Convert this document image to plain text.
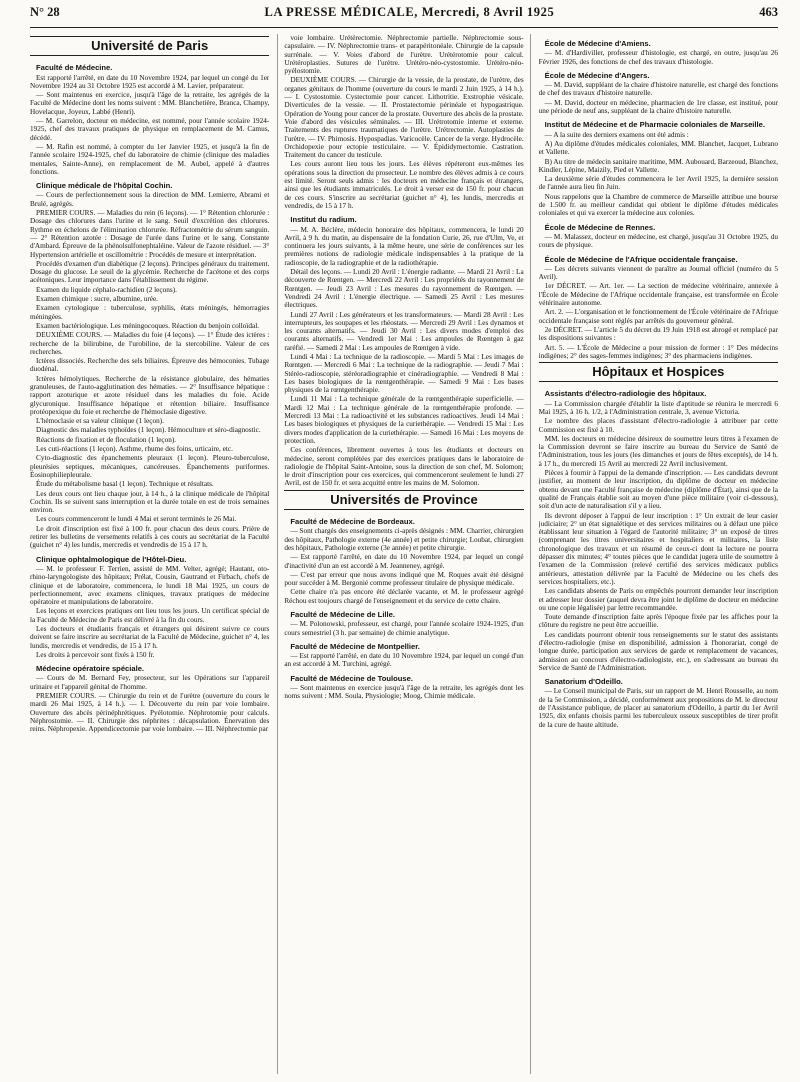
N° 28	LA PRESSE MÉDICALE, Mercredi, 8 Avril 1925	463
Université de Paris
Faculté de Médecine.

Est rapporté l'arrêté, en date du 10 Novembre 1924, par lequel un congé du 1er Novembre 1924 au 31 Octobre 1925 est accordé à M. Lavier, préparateur.

— Sont maintenus en exercice, jusqu'à l'âge de la retraite, les agrégés de la Faculté de Médecine dont les noms suivent : MM. Blanchetière, Branca, Champy, Hovelacque, Joyeux, Labbé (Henri).

— M. Garrelon, docteur en médecine, est nommé, pour l'année scolaire 1924-1925, chef des travaux pratiques de physique en remplacement de M. Camus, décédé.

— M. Rafin est nommé, à compter du 1er Janvier 1925, et jusqu'à la fin de l'année scolaire 1924-1925, chef du laboratoire de chimie (clinique des maladies mentales, Sainte-Anne), en remplacement de M. Aubel, appelé à d'autres fonctions.

Clinique médicale de l'hôpital Cochin.

— Cours de perfectionnement sous la direction de MM. Lemierre, Abrami et Brulé, agrégés.

PREMIER COURS. — Maladies du rein (6 leçons). — 1° Rétention chlorurée : Dosage des chlorures dans l'urine et le sang. Seuil d'excrétion des chlorures. Rythme en échelons de l'élimination chlorurée. Réfractométrie du sérum sanguin. — 2° Rétention azotée : Dosage de l'urée dans l'urine et le sang. Constante d'Ambard. Épreuve de la phénolsulfonephtaléine. Valeur de l'azote résiduel. — 3° Hypertension artérielle et oscillométrie : Procédés de mesure et interprétation.

Procédés d'examen d'un diabétique (2 leçons). Principes généraux du traitement. Dosage du glucose. Le seuil de la glycémie. Recherche de l'acétone et des corps acétoniques. Leur importance dans l'établissement du régime.

Examen du liquide céphalo-rachidien (2 leçons).

Examen chimique : sucre, albumine, urée.

Examen cytologique : tuberculose, syphilis, états méningés, hémorragies méningées.

Examen bactériologique. Les méningocoques. Réaction du benjoin colloïdal.

DEUXIÈME COURS. — Maladies du foie (4 leçons). — 1° Étude des ictères : recherche de la bilirubine, de l'urobiline, de la stercobiline. Valeur de ces recherches.

Ictères dissociés. Recherche des sels biliaires. Épreuve des hémoconies. Tubage duodénal.

Ictères hémolytiques. Recherche de la résistance globulaire, des hématies granuleuses, de l'auto-agglutination des hématies. — 2° Insuffisance hépatique : rapport azoturique et azote résiduel dans les maladies du foie. Acide glycuronique. Insuffisance hépatique et rétention biliaire. Insuffisance protéopexique du foie et recherche de l'hémoclasie digestive.

L'hémoclasie et sa valeur clinique (1 leçon).

Diagnostic des maladies typhoïdes (1 leçon). Hémoculture et séro-diagnostic.

Réactions de fixation et de floculation (1 leçon).

Les cuti-réactions (1 leçon). Asthme, rhume des foins, urticaire, etc.

Cyto-diagnostic des épanchements pleuraux (1 leçon). Pleuro-tuberculose, pleurésies septiques, mécaniques, cancéreuses. Épanchements puriformes. Éosinophiliepleurale.

Étude du métabolisme basal (1 leçon). Technique et résultats.

Les deux cours ont lieu chaque jour, à 14 h., à la clinique médicale de l'hôpital Cochin. Ils se suivent sans interruption et la durée totale en est de trois semaines environ.

Les cours commenceront le lundi 4 Mai et seront terminés le 26 Mai.

Le droit d'inscription est fixé à 100 fr. pour chacun des deux cours. Prière de retirer les bulletins de versements relatifs à ces cours au secrétariat de la Faculté (guichet n° 4) les lundis, mercredis et vendredis de 15 à 17 h.

Clinique ophtalmologique de l'Hôtel-Dieu.

— M. le professeur F. Terrien, assisté de MM. Velter, agrégé; Hautant, oto-rhino-laryngologiste des hôpitaux; Prélat, Cousin, Gautrand et Firbach, chefs de clinique et de laboratoire, commencera, le lundi 18 Mai 1925, un cours de perfectionnement, avec examens cliniques, travaux pratiques de médecine opératoire et manipulations de laboratoire.

Les leçons et exercices pratiques ont lieu tous les jours. Un certificat spécial de la Faculté de Médecine de Paris est délivré à la fin du cours.

Les docteurs et étudiants français et étrangers qui désirent suivre ce cours doivent se faire inscrire au secrétariat de la Faculté de Médecine, guichet n° 4, les lundis, mercredis et vendredis, de 15 à 17 h.

Les droits à percevoir sont fixés à 150 fr.

Médecine opératoire spéciale.

— Cours de M. Bernard Fey, prosecteur, sur les Opérations sur l'appareil urinaire et l'appareil génital de l'homme.

PREMIER COURS. — Chirurgie du rein et de l'urètre (ouverture du cours le mardi 26 Mai 1925, à 14 h.). — I. Découverte du rein par voie lombaire. Ouverture des abcès périnéphrétiques. Pyélotomie. Néphrotomie pour calculs. Néphrostomie. — II. Chirurgie des néphrites : décapsulation. Énervation des reins. Néphropexie. Appendicectomie par voie lombaire. — III. Néphrectomie par

voie lombaire. Urétérectomie. Néphrectomie partielle. Néphrectomie sous-capsulaire. — IV. Néphrectomie trans- et parapéritonéale. Chirurgie de la capsule surrénale. — V. Voies d'abord de l'urètre. Urétérotomie pour calcul. Urétéroplasties. Sutures de l'urètre. Urétéro-néo-cystostomie. Urétéro-néo-pyélostomie.

DEUXIÈME COURS. — Chirurgie de la vessie, de la prostate, de l'urètre, des organes génitaux de l'homme (ouverture du cours le mardi 2 Juin 1925, à 14 h.). — I. Cystostomie. Cystectomie pour cancer. Lithotritie. Exstrophie vésicale. Diverticules de la vessie. — II. Prostatectomie périnéale et hypogastrique. Opération de Young pour cancer de la prostate. Ouverture des abcès de la prostate. Voie d'abord des vésicules séminales. — III. Urétrotomie interne et externe. Traitements des ruptures traumatiques de l'urètre. Urétrectomie. Autoplasties de l'urètre. — IV. Phimosis. Hypospadias. Varicocèle. Cancer de la verge. Hydrocèle. Orchidopexie pour ectopie testiculaire. — V. Épididymectomie. Castration. Traitement du cancer du testicule.

Les cours auront lieu tous les jours. Les élèves répéteront eux-mêmes les opérations sous la direction du prosecteur. Le nombre des élèves admis à ce cours est limité. Seront seuls admis : les docteurs en médecine français et étrangers, ainsi que les étudiants immatriculés. Le droit à verser est de 150 fr. pour chacun de ces cours. S'inscrire au secrétariat (guichet n° 4), les lundis, mercredis et vendredis, de 15 à 17 h.

Institut du radium.

— M. A. Béclère, médecin honoraire des hôpitaux, commencera, le lundi 20 Avril, à 9 h. du matin, au dispensaire de la fondation Curie, 26, rue d'Ulm, Ve, et continuera les jours suivants, à la même heure, une série de conférences sur les premières notions de radiologie médicale indispensables à la pratique de la radioscopie, de la radiographie et de la radiothérapie.

Détail des leçons. — Lundi 20 Avril : L'énergie radiante. — Mardi 21 Avril : La découverte de Rœntgen. — Mercredi 22 Avril : Les propriétés du rayonnement de Rœntgen. — Jeudi 23 Avril : Les mesures du rayonnement de Rœntgen. — Vendredi 24 Avril : L'énergie électrique. — Samedi 25 Avril : Les mesures électriques.

Lundi 27 Avril : Les générateurs et les transformateurs. — Mardi 28 Avril : Les interrupteurs, les soupapes et les rhéostats. — Mercredi 29 Avril : Les dynamos et les courants alternatifs. — Jeudi 30 Avril : Les divers modes d'emploi des courants alternatifs. — Vendredi 1er Mai : Les ampoules de Rœntgen à gaz raréfié. — Samedi 2 Mai : Les ampoules de Rœntgen à vide.

Lundi 4 Mai : La technique de la radioscopie. — Mardi 5 Mai : Les images de Rœntgen. — Mercredi 6 Mai : La technique de la radiographie. — Jeudi 7 Mai : Stéréo-radioscopie, stéréoradiographie et cinéradiographie. — Vendredi 8 Mai : Les bases biologiques de la rœntgenthérapie. — Samedi 9 Mai : Les bases physiques de la rœntgenthérapie.

Lundi 11 Mai : La technique générale de la rœntgenthérapie superficielle. — Mardi 12 Mai : La technique générale de la rœntgenthérapie profonde. — Mercredi 13 Mai : La radioactivité et les substances radioactives. Jeudi 14 Mai : Les bases biologiques et physiques de la curiethérapie. — Vendredi 15 Mai : Les divers modes d'application de la curiethérapie. — Samedi 16 Mai : Les moyens de protection.

Ces conférences, librement ouvertes à tous les étudiants et docteurs en médecine, seront complétées par des exercices pratiques dans le laboratoire de radiologie de l'hôpital Saint-Antoine, sous la direction de son chef, M. Solomon; le droit d'inscription pour ces exercices, qui commenceront seulement le lundi 27 Avril, est de 150 fr. et sera acquitté entre les mains de M. Solomon.

Universités de Province
Faculté de Médecine de Bordeaux.

— Sont chargés des enseignements ci-après désignés : MM. Charrier, chirurgien des hôpitaux, Pathologie externe (4e année) et petite chirurgie; Loubat, chirurgien des hôpitaux, Pathologie externe (3e année) et petite chirurgie.

— Est rapporté l'arrêté, en date du 10 Novembre 1924, par lequel un congé d'inactivité d'un an est accordé à M. Jeanneney, agrégé.

— C'est par erreur que nous avons indiqué que M. Roques avait été désigné pour succéder à M. Bergonié comme professeur titulaire de physique médicale.

Cette chaire n'a pas encore été déclarée vacante, et M. le professeur agrégé Réchou est toujours chargé de l'enseignement et du service de cette chaire.

Faculté de Médecine de Lille.

— M. Polonowski, professeur, est chargé, pour l'année scolaire 1924-1925, d'un cours semestriel (3 h. par semaine) de chimie analytique.

Faculté de Médecine de Montpellier.

— Est rapporté l'arrêté, en date du 10 Novembre 1924, par lequel un congé d'un an est accordé à M. Turchini, agrégé.

Faculté de Médecine de Toulouse.

— Sont maintenus en exercice jusqu'à l'âge de la retraite, les agrégés dont les noms suivent : MM. Soula, Physiologie; Moog, Chimie médicale.

École de Médecine d'Amiens.

— M. d'Hardiviller, professeur d'histologie, est chargé, en outre, jusqu'au 26 Février 1926, des fonctions de chef des travaux d'histologie.

École de Médecine d'Angers.

— M. David, suppléant de la chaire d'histoire naturelle, est chargé des fonctions de chef des travaux d'histoire naturelle.

— M. David, docteur en médecine, pharmacien de 1re classe, est institué, pour une période de neuf ans, suppléant de la chaire d'histoire naturelle.

Institut de Médecine et de Pharmacie coloniales de Marseille.

— A la suite des derniers examens ont été admis :

A) Au diplôme d'études médicales coloniales, MM. Blanchet, Jacquet, Lubrano et Vallette.

B) Au titre de médecin sanitaire maritime, MM. Aubouard, Barzeoud, Blanchez, Kindler, Lépine, Maizily, Pied et Vallette.

La deuxième série d'études commencera le 1er Avril 1925, la dernière session de l'année aura lieu fin Juin.

Nous rappelons que la Chambre de commerce de Marseille attribue une bourse de 1.500 fr. au meilleur candidat qui obtient le diplôme d'études médicales coloniales et qui va exercer la médecine aux colonies.

École de Médecine de Rennes.

— M. Malassez, docteur en médecine, est chargé, jusqu'au 31 Octobre 1925, du cours de physique.

École de Médecine de l'Afrique occidentale française.

— Les décrets suivants viennent de paraître au Journal officiel (numéro du 5 Avril).

1er DÉCRET. — Art. 1er. — La section de médecine vétérinaire, annexée à l'École de Médecine de l'Afrique occidentale française, est transformée en École vétérinaire autonome.

Art. 2. — L'organisation et le fonctionnement de l'École vétérinaire de l'Afrique occidentale française sont réglés par arrêtés du gouverneur général.

2e DÉCRET. — L'article 5 du décret du 19 Juin 1918 est abrogé et remplacé par les dispositions suivantes :

Art. 5. — L'École de Médecine a pour mission de former : 1° Des médecins indigènes; 2° des sages-femmes indigènes; 3° des pharmaciens indigènes.

Hôpitaux et Hospices
Assistants d'électro-radiologie des hôpitaux.

— La Commission chargée d'établir la liste d'aptitude se réunira le mercredi 6 Mai 1925, à 16 h. 1/2, à l'Administration centrale, 3, avenue Victoria.

Le nombre des places d'assistant d'électro-radiologie à attribuer par cette Commission est fixé à 10.

MM. les docteurs en médecine désireux de soumettre leurs titres à l'examen de la Commission devront se faire inscrire au bureau du Service de Santé de l'Administration, tous les jours (les dimanches et jours de fêtes exceptés), de 14 h. à 17 h., du mercredi 15 Avril au mercredi 22 Avril inclusivement.

Pièces à fournir à l'appui de la demande d'inscription. — Les candidats devront justifier, au moment de leur inscription, du diplôme de docteur en médecine obtenu devant une Faculté française de médecine (diplôme d'État), ainsi que de la qualité de Français établie soit au moyen d'une pièce militaire (voir ci-dessous), soit d'un acte de naturalisation s'il y a lieu.

Ils devront déposer à l'appui de leur inscription : 1° Un extrait de leur casier judiciaire; 2° un état signalétique et des services militaires ou à défaut une pièce établissant leur situation à l'égard de l'autorité militaire; 3° un exposé de titres (comprenant les titres universitaires et hospitaliers et militaires, la liste chronologique des travaux et un résumé de ceux-ci dont la lecture ne pourra dépasser dix minutes; 4° toutes pièces que le candidat jugera utile de soumettre à l'examen de la Commission (relevé certifié des services médicaux publics antérieurs, attestation délivrée par la Faculté de Médecine ou les chefs des services hospitaliers, etc.).

Les candidats absents de Paris ou empêchés pourront demander leur inscription et adresser leur dossier (auquel devra être joint le diplôme de docteur en médecine ou une copie légalisée) par lettre recommandée.

Toute demande d'inscription faite après l'époque fixée par les affiches pour la clôture du registre ne peut être accueillie.

Les candidats pourront obtenir tous renseignements sur le statut des assistants d'électro-radiologie (mise en disponibilité, admission à l'honorariat, congé de longue durée, participation aux services de garde et remplacement de vacances, admission au concours d'électro-radiologiste, etc.), en s'adressant au bureau du Service de Santé de l'Administration.

Sanatorium d'Odeillo.

— Le Conseil municipal de Paris, sur un rapport de M. Henri Rousselle, au nom de la 5e Commission, a décidé, conformément aux propositions de M. le directeur de l'Assistance publique, de placer au sanatorium d'Odeillo, à partir du 1er Avril 1925, dix enfants choisis parmi les tuberculeux osseux susceptibles de tirer profit de la cure de haute altitude.
